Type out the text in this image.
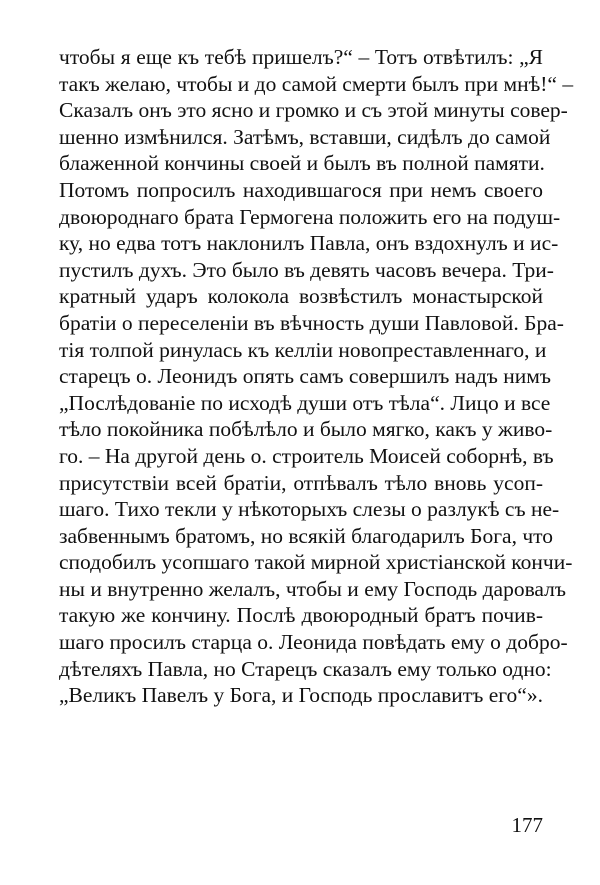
чтобы я еще къ тебѣ пришелъ?“ – Тотъ отвѣтилъ: „Я
такъ желаю, чтобы и до самой смерти былъ при мнѣ!“ –
Сказалъ онъ это ясно и громко и съ этой минуты совер-
шенно измѣнился. Затѣмъ, вставши, сидѣлъ до самой
блаженной кончины своей и былъ въ полной памяти.
Потомъ попросилъ находившагося при немъ своего
двоюроднаго брата Гермогена положить его на подуш-
ку, но едва тотъ наклонилъ Павла, онъ вздохнулъ и ис-
пустилъ духъ. Это было въ девять часовъ вечера. Три-
кратный ударъ колокола возвѣстилъ монастырской
братіи о переселеніи въ вѣчность души Павловой. Бра-
тія толпой ринулась къ келліи новопреставленнаго, и
старецъ о. Леонидъ опять самъ совершилъ надъ нимъ
„Послѣдованіе по исходѣ души отъ тѣла“. Лицо и все
тѣло покойника побѣлѣло и было мягко, какъ у живо-
го. – На другой день о. строитель Моисей соборнѣ, въ
присутствіи всей братіи, отпѣвалъ тѣло вновь усоп-
шаго. Тихо текли у нѣкоторыхъ слезы о разлукѣ съ не-
забвеннымъ братомъ, но всякій благодарилъ Бога, что
сподобилъ усопшаго такой мирной христіанской кончи-
ны и внутренно желалъ, чтобы и ему Господь даровалъ
такую же кончину. Послѣ двоюродный братъ почив-
шаго просилъ старца о. Леонида повѣдать ему о добро-
дѣтеляхъ Павла, но Старецъ сказалъ ему только одно:
„Великъ Павелъ у Бога, и Господь прославитъ его“».
177
